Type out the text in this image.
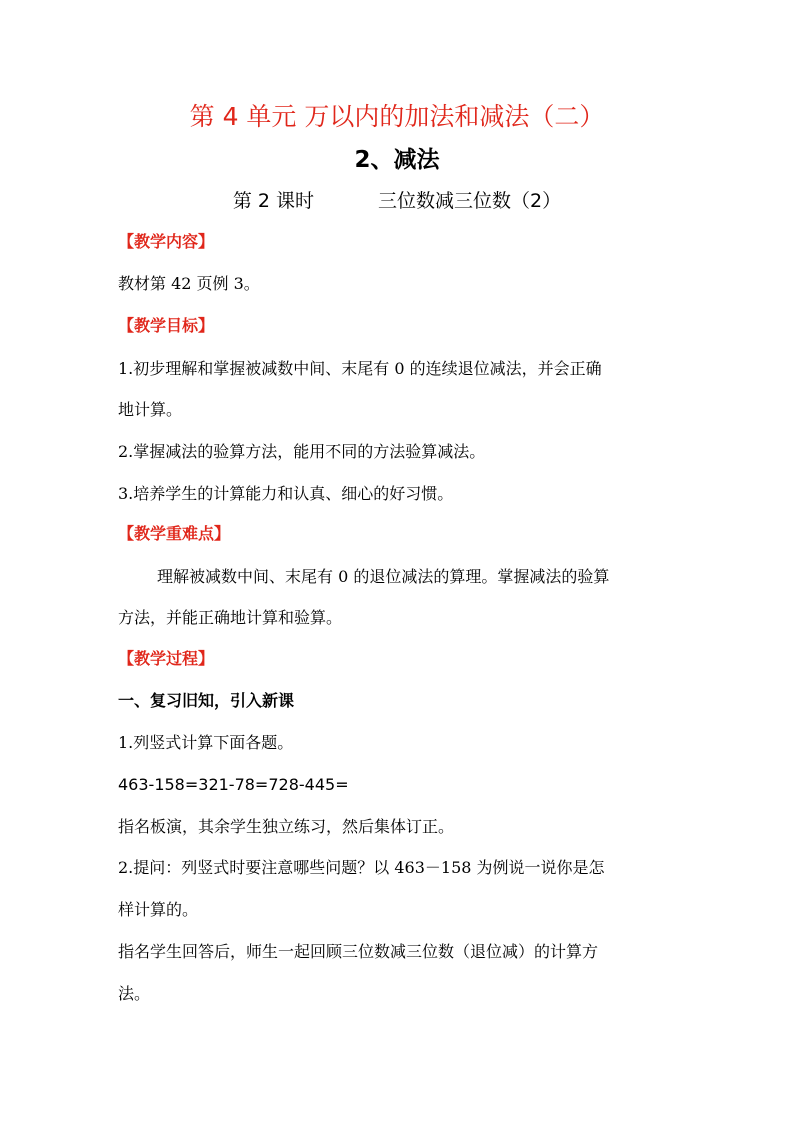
第 4 单元 万以内的加法和减法（二）
2、减法
第 2 课时	三位数减三位数（2）
【教学内容】
教材第 42 页例 3。
【教学目标】
1.初步理解和掌握被减数中间、末尾有 0 的连续退位减法，并会正确
地计算。
2.掌握减法的验算方法，能用不同的方法验算减法。
3.培养学生的计算能力和认真、细心的好习惯。
【教学重难点】
理解被减数中间、末尾有 0 的退位减法的算理。掌握减法的验算
方法，并能正确地计算和验算。
【教学过程】
一、复习旧知，引入新课
1.列竖式计算下面各题。
463-158=321-78=728-445=
指名板演，其余学生独立练习，然后集体订正。
2.提问：列竖式时要注意哪些问题？以 463－158 为例说一说你是怎
样计算的。
指名学生回答后，师生一起回顾三位数减三位数（退位减）的计算方
法。
